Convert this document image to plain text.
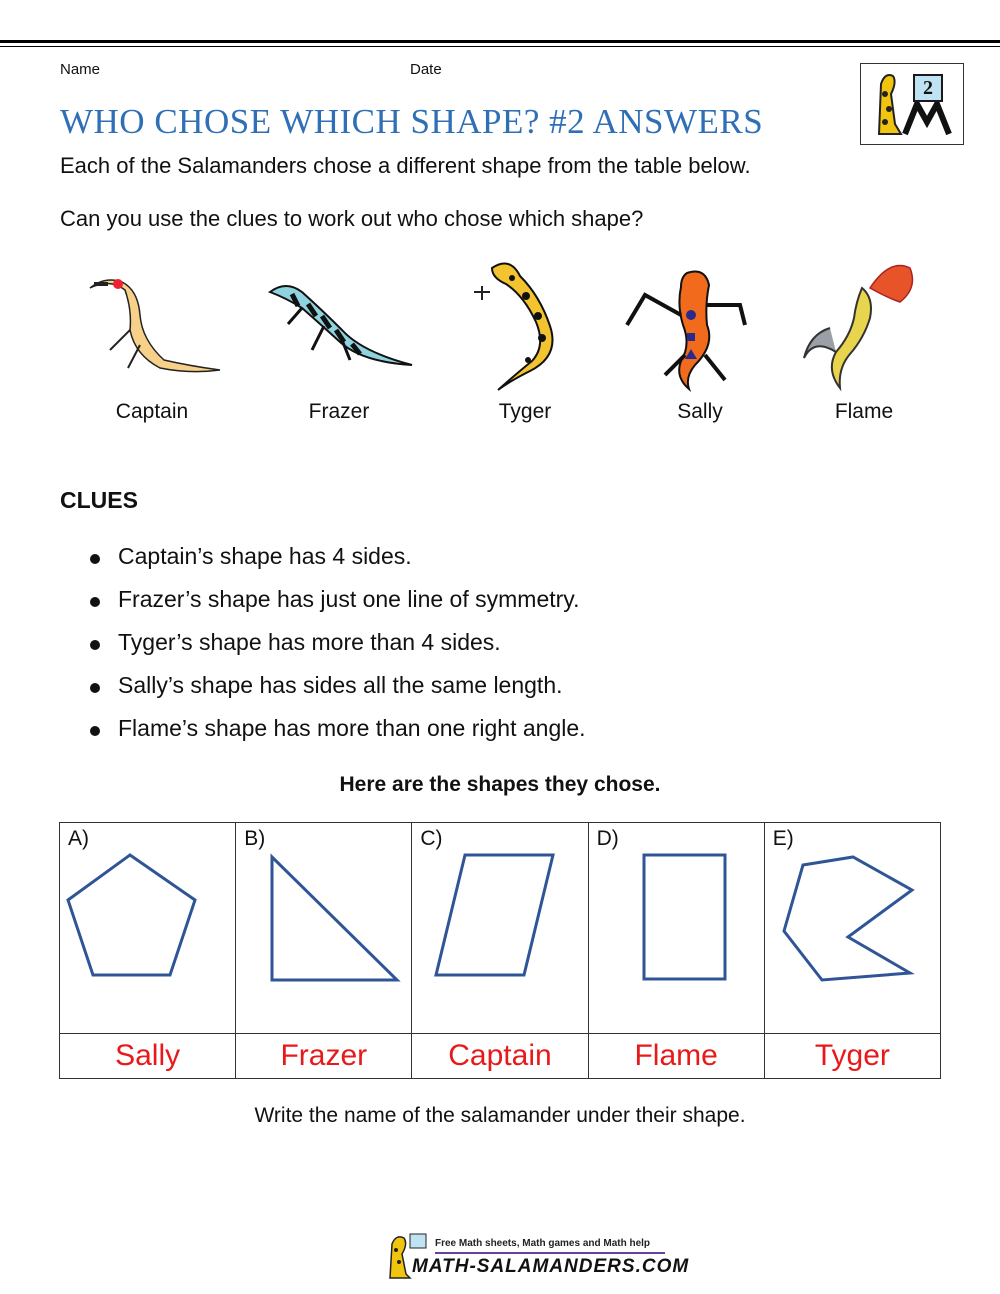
Name	Date
2
WHO CHOSE WHICH SHAPE? #2 ANSWERS
Each of the Salamanders chose a different shape from the table below.
Can you use the clues to work out who chose which shape?
Captain	Frazer	Tyger	Sally	Flame
CLUES
Captain’s shape has 4 sides.
Frazer’s shape has just one line of symmetry.
Tyger’s shape has more than 4 sides.
Sally’s shape has sides all the same length.
Flame’s shape has more than one right angle.
Here are the shapes they chose.
A)	B)	C)	D)	E)

Sally	Frazer	Captain	Flame	Tyger
Write the name of the salamander under their shape.
Free Math sheets, Math games and Math help
MATH-SALAMANDERS.COM
